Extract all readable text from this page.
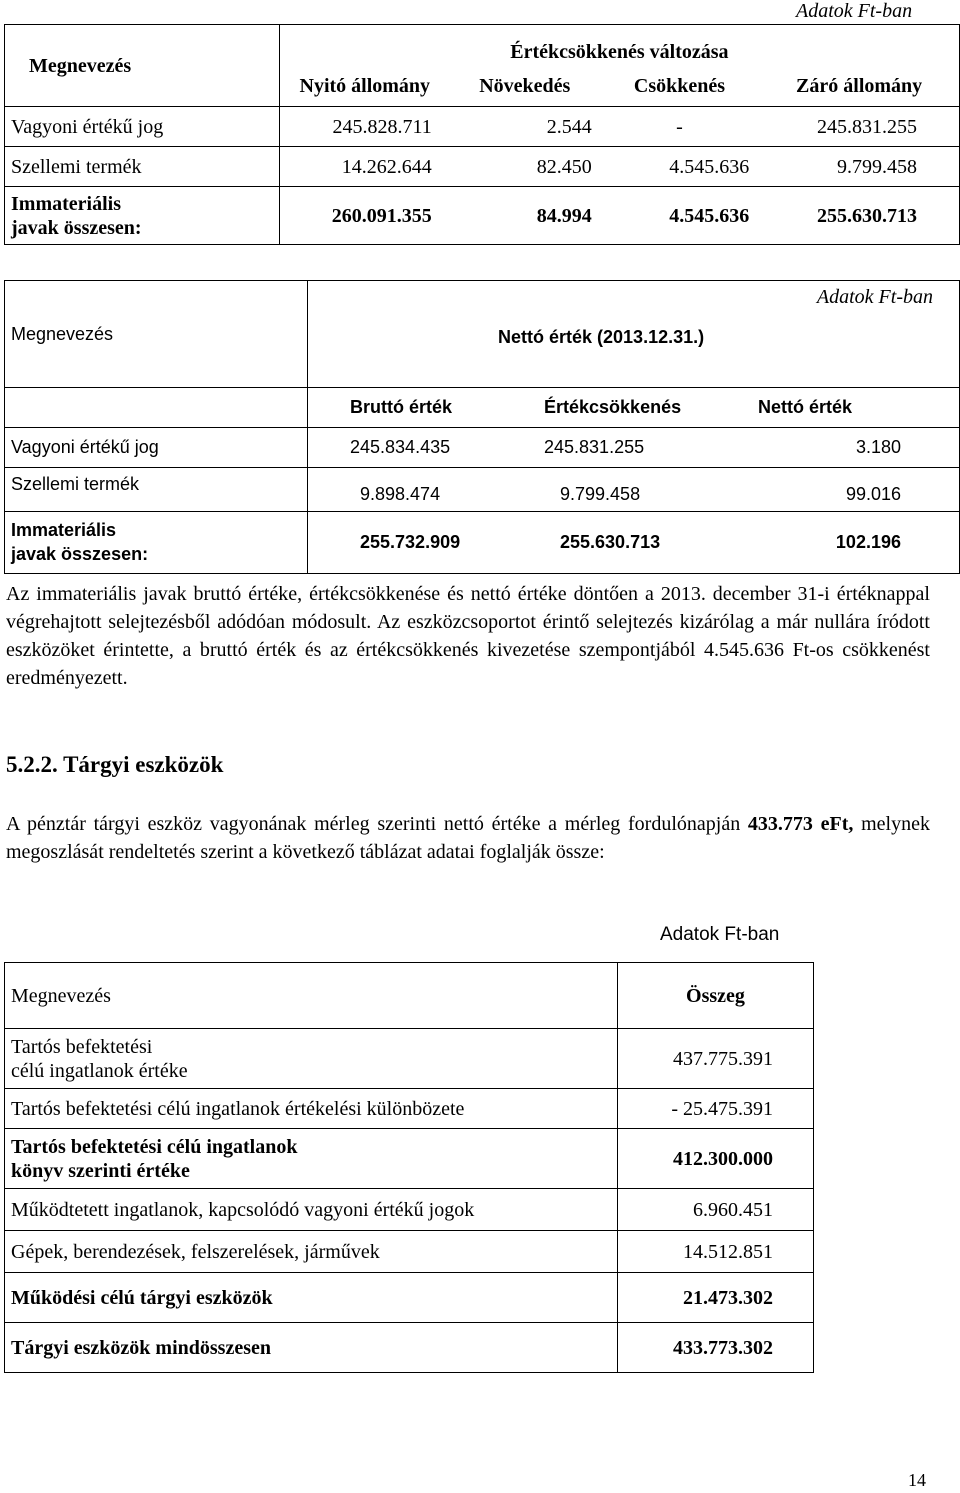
Adatok Ft-ban
Megnevezés	Értékcsökkenés változása			
	Nyitó állomány	Növekedés	Csökkenés	Záró állomány
Vagyoni értékű jog	245.828.711	2.544	-	245.831.255
Szellemi termék	14.262.644	82.450	4.545.636	9.799.458

Immateriális
javak összesen:	260.091.355	84.994	4.545.636	255.630.713
Megnevezés	Adatok Ft-ban
Nettó érték (2013.12.31.)		

	Bruttó érték	Értékcsökkenés	Nettó érték
Vagyoni értékű jog	245.834.435	245.831.255	3.180
Szellemi termék	9.898.474	9.799.458	99.016

Immateriális
javak összesen:	255.732.909	255.630.713	102.196
Az immateriális javak bruttó értéke, értékcsökkenése és nettó értéke döntően a 2013. december 31-i értéknappal végrehajtott selejtezésből adódóan módosult. Az eszközcsoportot érintő selejtezés kizárólag a már nullára íródott eszközöket érintette, a bruttó érték és az értékcsökkenés kivezetése szempontjából 4.545.636 Ft-os csökkenést eredményezett.
5.2.2. Tárgyi eszközök
A pénztár tárgyi eszköz vagyonának mérleg szerinti nettó értéke a mérleg fordulónapján 433.773 eFt, melynek megoszlását rendeltetés szerint a következő táblázat adatai foglalják össze:
Adatok Ft-ban
Megnevezés	Összeg

Tartós befektetési
célú ingatlanok értéke	437.775.391
Tartós befektetési célú ingatlanok értékelési különbözete	- 25.475.391

Tartós befektetési célú ingatlanok
könyv szerinti értéke	412.300.000
Működtetett ingatlanok, kapcsolódó vagyoni értékű jogok	6.960.451
Gépek, berendezések, felszerelések, járművek	14.512.851
Működési célú tárgyi eszközök	21.473.302
Tárgyi eszközök mindösszesen	433.773.302
14
